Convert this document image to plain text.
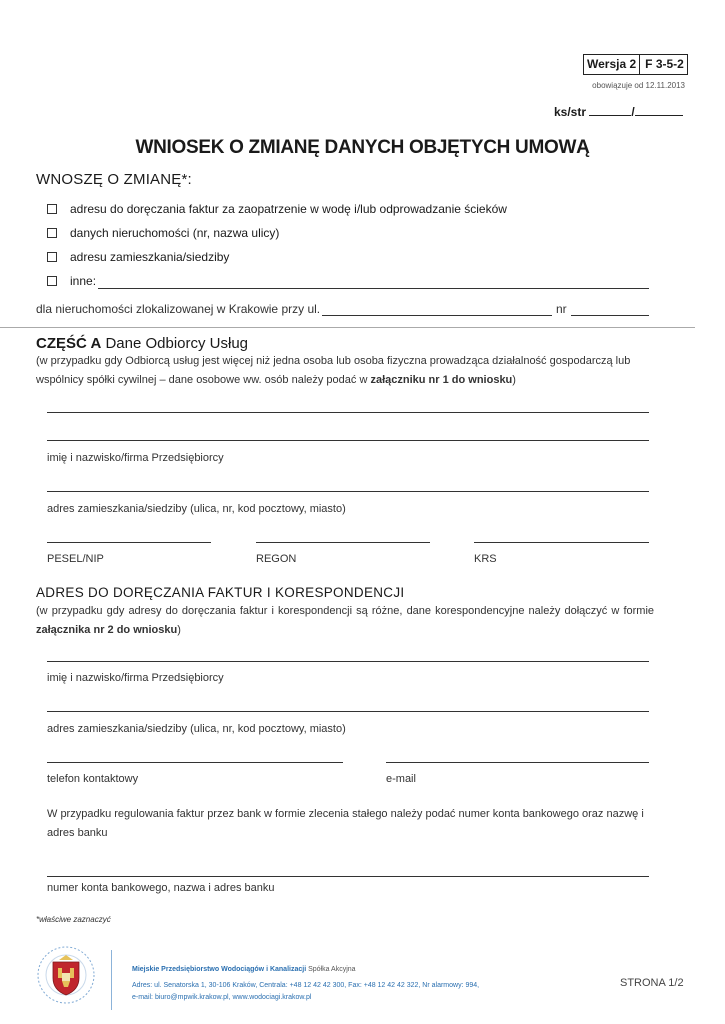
Wersja 2 F 3-5-2
obowiązuje od 12.11.2013
ks/str	/
WNIOSEK O ZMIANĘ DANYCH OBJĘTYCH UMOWĄ
WNOSZĘ O ZMIANĘ*:
adresu do doręczania faktur za zaopatrzenie w wodę i/lub odprowadzanie ścieków
danych nieruchomości (nr, nazwa ulicy)
adresu zamieszkania/siedziby
inne:
dla nieruchomości zlokalizowanej w Krakowie przy ul.	nr
CZĘŚĆ A Dane Odbiorcy Usług
(w przypadku gdy Odbiorcą usług jest więcej niż jedna osoba lub osoba fizyczna prowadząca działalność gospodarczą lub wspólnicy spółki cywilnej – dane osobowe ww. osób należy podać w załączniku nr 1 do wniosku)
imię i nazwisko/firma Przedsiębiorcy
adres zamieszkania/siedziby (ulica, nr, kod pocztowy, miasto)
PESEL/NIP	REGON	KRS
ADRES DO DORĘCZANIA FAKTUR I KORESPONDENCJI
(w przypadku gdy adresy do doręczania faktur i korespondencji są różne, dane korespondencyjne należy dołączyć w formie załącznika nr 2 do wniosku)
imię i nazwisko/firma Przedsiębiorcy
adres zamieszkania/siedziby (ulica, nr, kod pocztowy, miasto)
telefon kontaktowy	e-mail
W przypadku regulowania faktur przez bank w formie zlecenia stałego należy podać numer konta bankowego oraz nazwę i adres banku
numer konta bankowego, nazwa i adres banku
*właściwe zaznaczyć
Miejskie Przedsiębiorstwo Wodociągów i Kanalizacji Spółka Akcyjna
Adres: ul. Senatorska 1, 30-106 Kraków, Centrala: +48 12 42 42 300, Fax: +48 12 42 42 322, Nr alarmowy: 994,
e-mail: biuro@mpwik.krakow.pl, www.wodociagi.krakow.pl
STRONA 1/2
